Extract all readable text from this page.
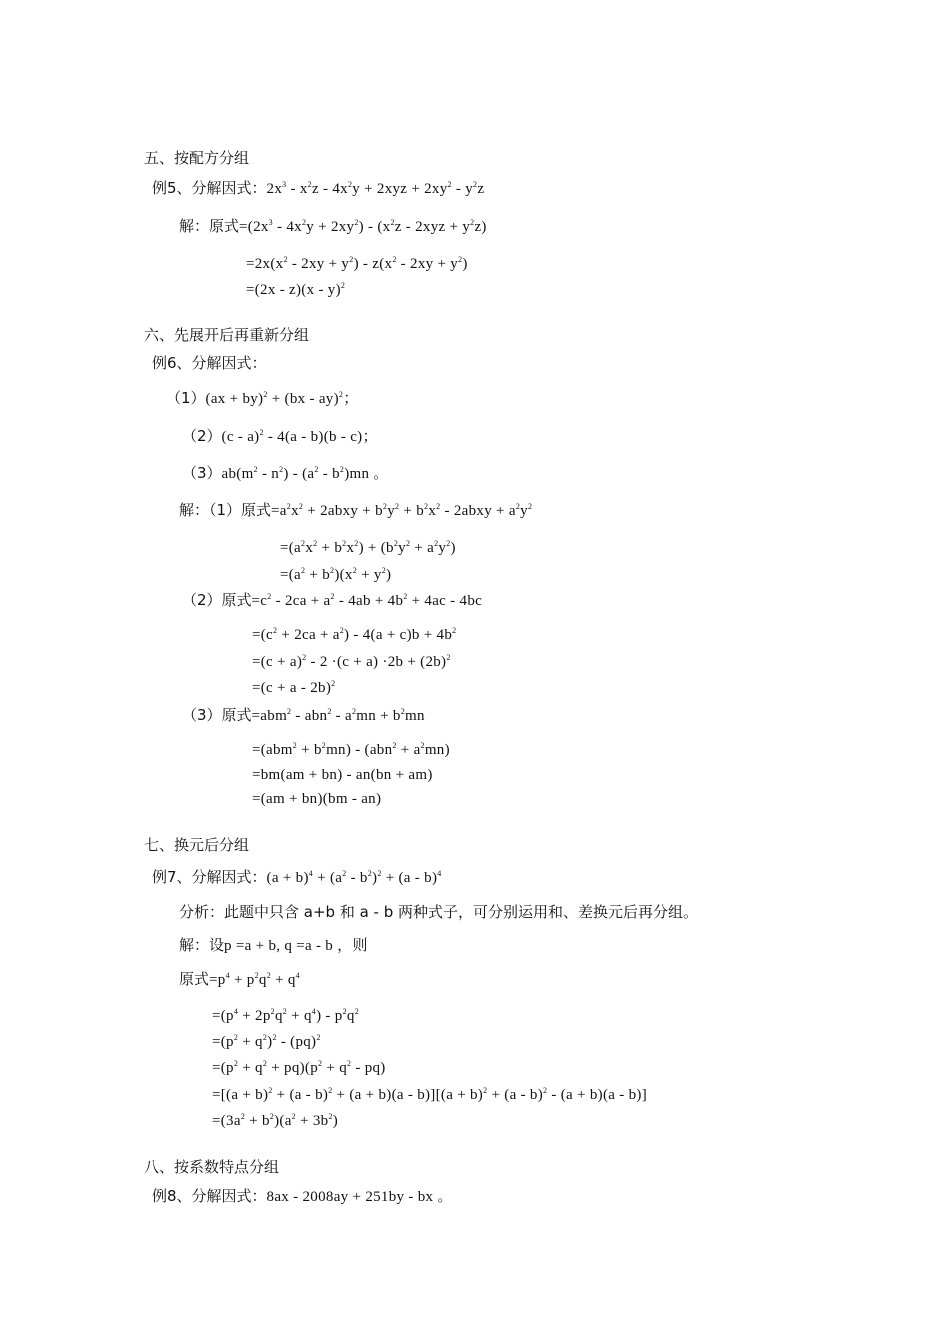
五、按配方分组
例5、分解因式：$2x^3 - x^2z - 4x^2y + 2xyz + 2xy^2 - y^2z$
解：原式$=(2x^3 - 4x^2y + 2xy^2) - (x^2z - 2xyz + y^2z)$
$=2x(x^2 - 2xy + y^2) - z(x^2 - 2xy + y^2)$
=(2x - z)(x - y)$^2$
六、先展开后再重新分组
例6、分解因式：
（1）(ax + by)$^2$ + (bx - ay)$^2$；
（2）(c - a)$^2$ - 4(a - b)(b - c)；
$(3)ab(m^2 - n^2) - (a^2 - b^2)mn$ 。
解：（1）原式$=a^2x^2$ + 2abxy + $b^2y^2 + b^2x^2$ - 2abxy + $a^2y^2$
$=(a^2x^2 + b^2x^2) + (b^2y^2 + a^2y^2)$
$=(a^2 + b^2)(x^2 + y^2)$
（2）原式$=c^2 - 2ca + a^2 - 4ab + 4b^2 + 4ac - 4bc$
$=(c^2 + 2ca + a^2) - 4(a + c)b + 4b^2$
$=(c + a)^2 - 2 \cdot(c + a) \cdot 2b + (2b)^2$
$=(c + a - 2b)^2$
（3）原式$=abm^2 - abn^2 - a^2mn + b^2mn$
$=(abm^2 + b^2mn) - (abn^2 + a^2mn)$
=bm(am + bn) - an(bn + am)
=(am + bn)(bm - an)
七、换元后分组
例7、分解因式：$(a + b)^4 + (a^2 - b^2)^2 + (a - b)^4$
分析：此题中只含 a+b 和 a - b 两种式子，可分别运用和、差换元后再分组。
解：设p =a + b, q =a - b ，则
原式$=p^4 + p^2q^2 + q^4$
$=(p^4 + 2p^2q^2 + q^4) - p^2q^2$
$=(p^2 + q^2)^2 - (pq)^2$
$=(p^2 + q^2 + pq)(p^2 + q^2 - pq)$
$=[(a + b)^2 + (a - b)^2 + (a + b)(a - b)][(a + b)^2 + (a - b)^2 - (a + b)(a - b)]$
$=(3a^2 + b^2)(a^2 + 3b^2)$
八、按系数特点分组
例8、分解因式：8ax - 2008ay + 251by - bx 。
